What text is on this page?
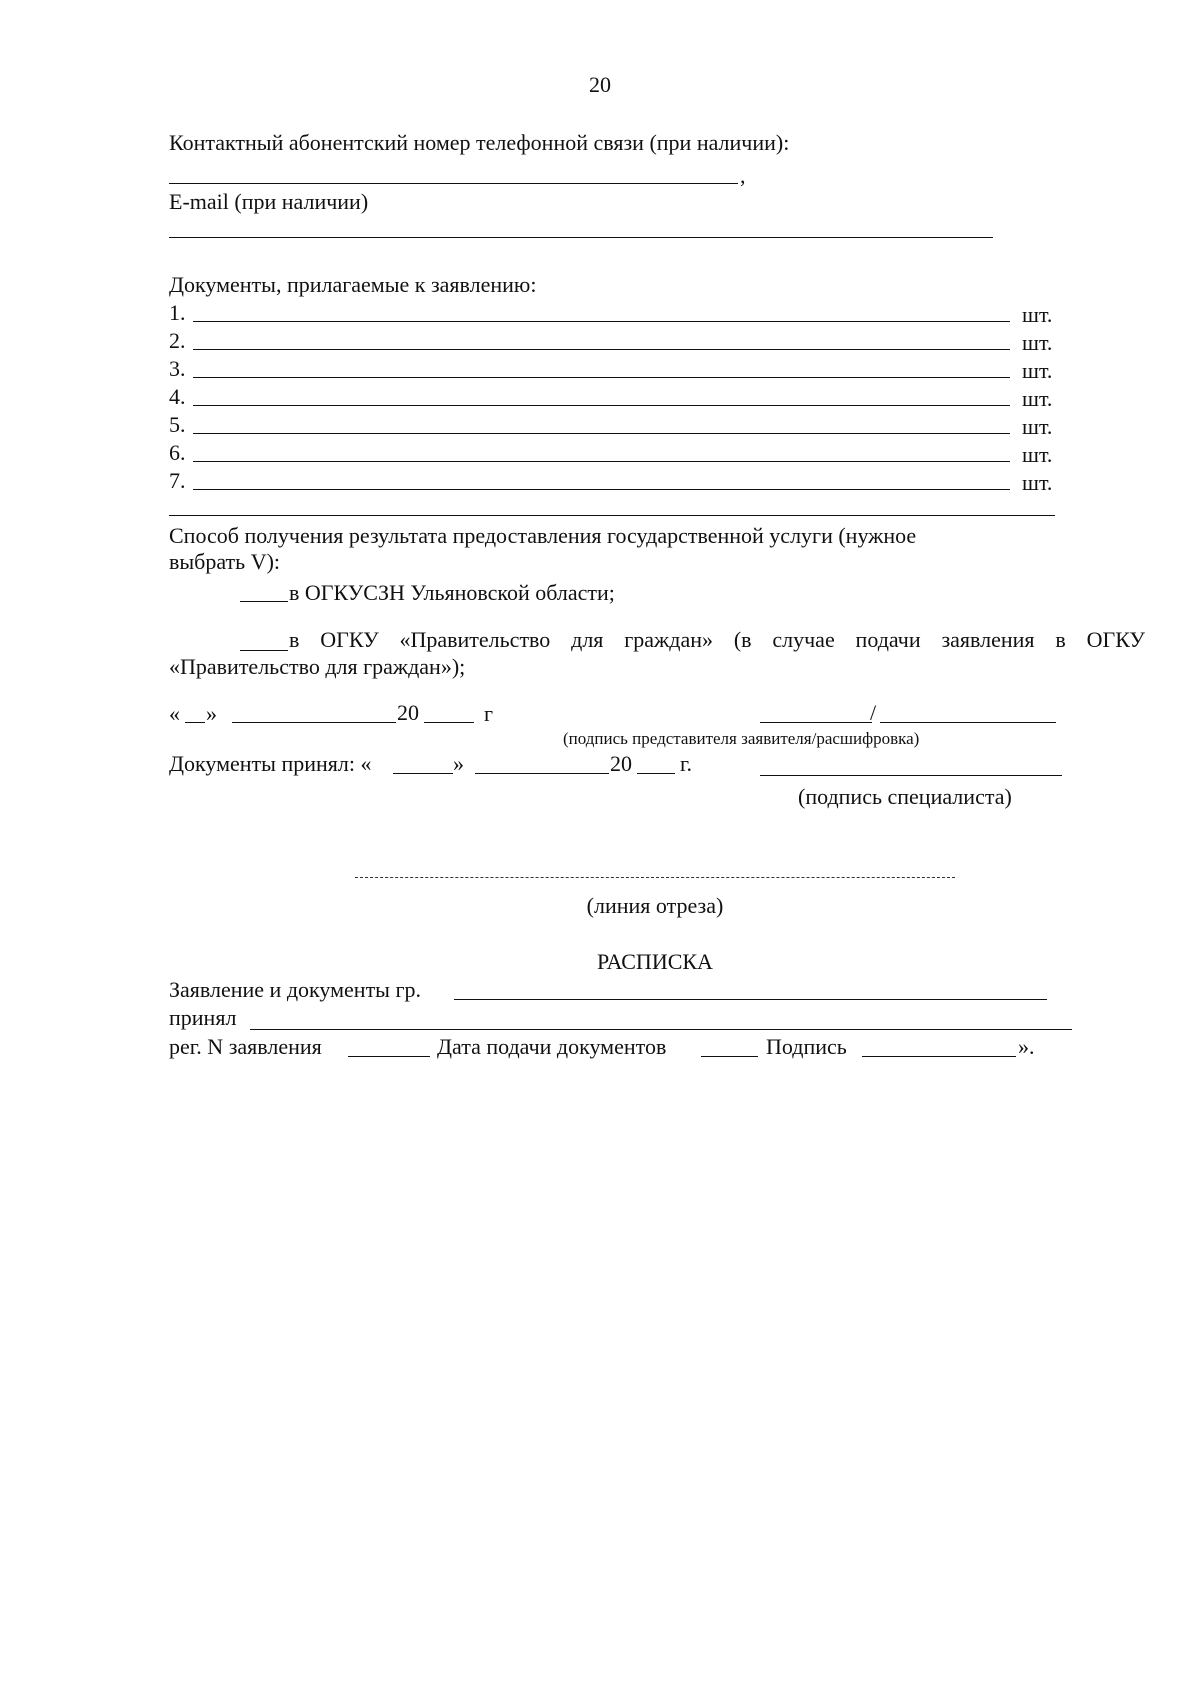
20
Контактный абонентский номер телефонной связи (при наличии):
,
E-mail (при наличии)
Документы, прилагаемые к заявлению:
1.	шт.
2.	шт.
3.	шт.
4.	шт.
5.	шт.
6.	шт.
7.	шт.
Способ получения результата предоставления государственной услуги (нужное
выбрать V):
в ОГКУСЗН Ульяновской области;
в ОГКУ «Правительство для граждан» (в случае подачи заявления в ОГКУ
«Правительство для граждан»);
« »	20	г	/
(подпись представителя заявителя/расшифровка)
Документы принял: «	»	20 г.
(подпись специалиста)
(линия отреза)
РАСПИСКА
Заявление и документы гр.
принял
рег. N заявления	Дата подачи документов	Подпись	».
